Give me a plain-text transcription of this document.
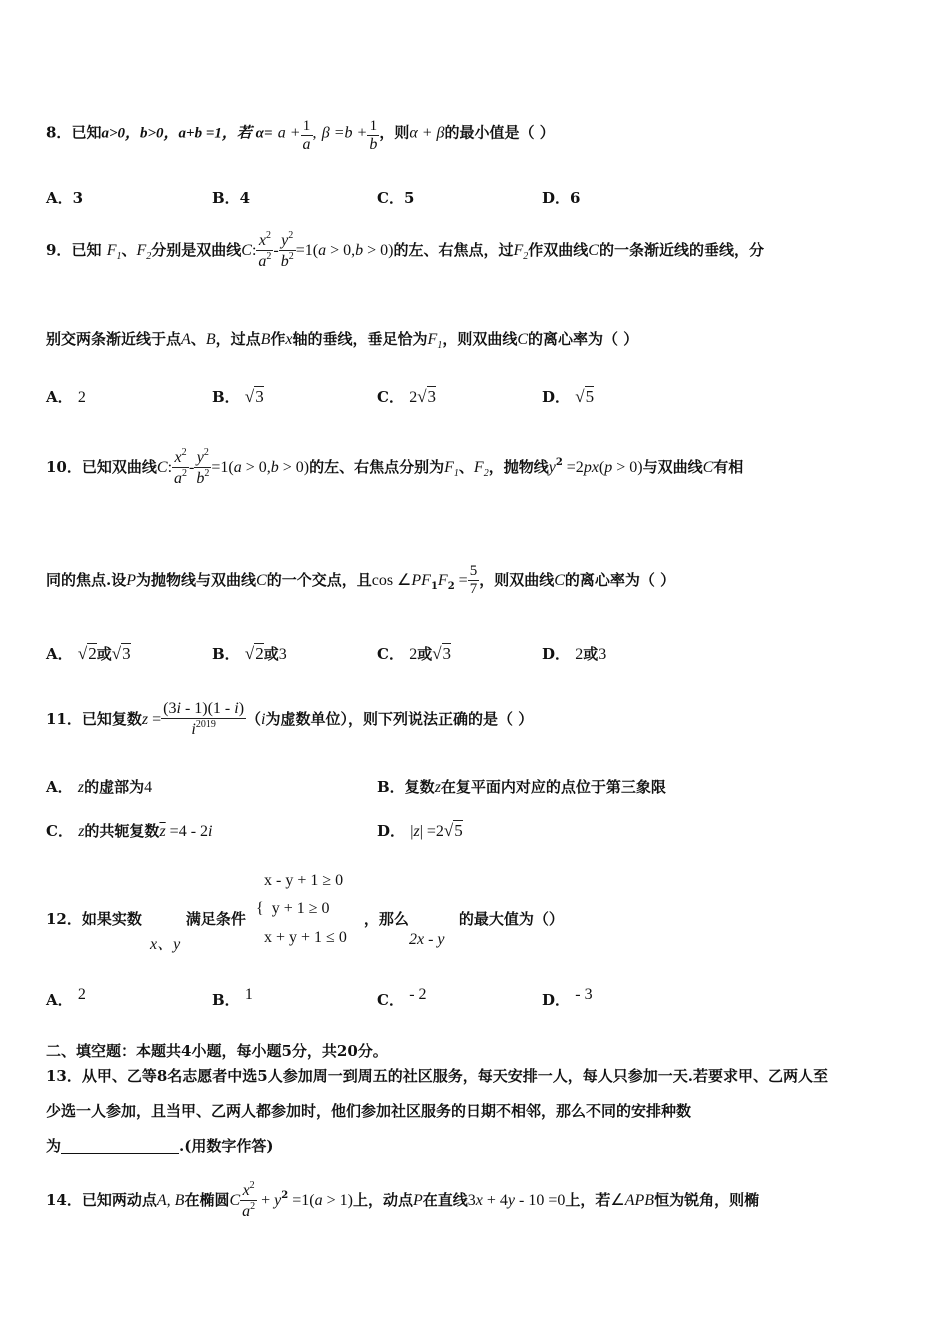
8．已知a>0，b>0，a+b =1，若 $\alpha= a + \frac{1}{a}$ , $\beta =b + \frac{1}{b}$ ，则α + β的最小值是（ ）
A．3	B．4	C．5	D．6
9．已知 $F_1$、$F_2$分别是双曲线C: $\frac{x^2}{a^2} - \frac{y^2}{b^2} =1(a > 0,b > 0)$的左、右焦点，过$F_2$作双曲线C的一条渐近线的垂线，分
别交两条渐近线于点A、B，过点B作x轴的垂线，垂足恰为$F_1$，则双曲线C的离心率为（ ）
A． 2	B． √3	C． 2√3	D． √5
10．已知双曲线C: $\frac{x^2}{a^2} - \frac{y^2}{b^2} =1(a > 0,b > 0)$的左、右焦点分别为$F_1$、$F_2$，抛物线$y^2 =2px(p > 0)$与双曲线C有相
同的焦点.设P为抛物线与双曲线C的一个交点，且$\cos \angle PF_1F_2 = \frac{5}{7}$ ，则双曲线C的离心率为（ ）
A． √2或√3	B． √2或3	C． 2或√3	D． 2或3
11．已知复数$z = \frac{(3i - 1)(1 - i)}{i^{2019}} (i$为虚数单位），则下列说法正确的是（ ）
A． z的虚部为4	B．复数z在复平面内对应的点位于第三象限
C． z的共轭复数$\overline{z} =4 - 2i$	D． |z| =2√5
x - y + 1 ≥ 0
{  y + 1 ≥ 0
x + y + 1 ≤ 0
12．如果实数	满足条件	，那么	的最大值为（）
x、y	2x - y
A． 2	B． 1	C． - 2	D． - 3
二、填空题：本题共4小题，每小题5分，共20分。
13．从甲、乙等8名志愿者中选5人参加周一到周五的社区服务，每天安排一人，每人只参加一天.若要求甲、乙两人至
少选一人参加，且当甲、乙两人都参加时，他们参加社区服务的日期不相邻，那么不同的安排种数
为	.(用数字作答)
14．已知两动点A, B在椭圆C $\frac{x^2}{a^2} + y^2 =1(a > 1)$上，动点P在直线3x + 4y - 10 =0上，若∠APB恒为锐角，则椭
